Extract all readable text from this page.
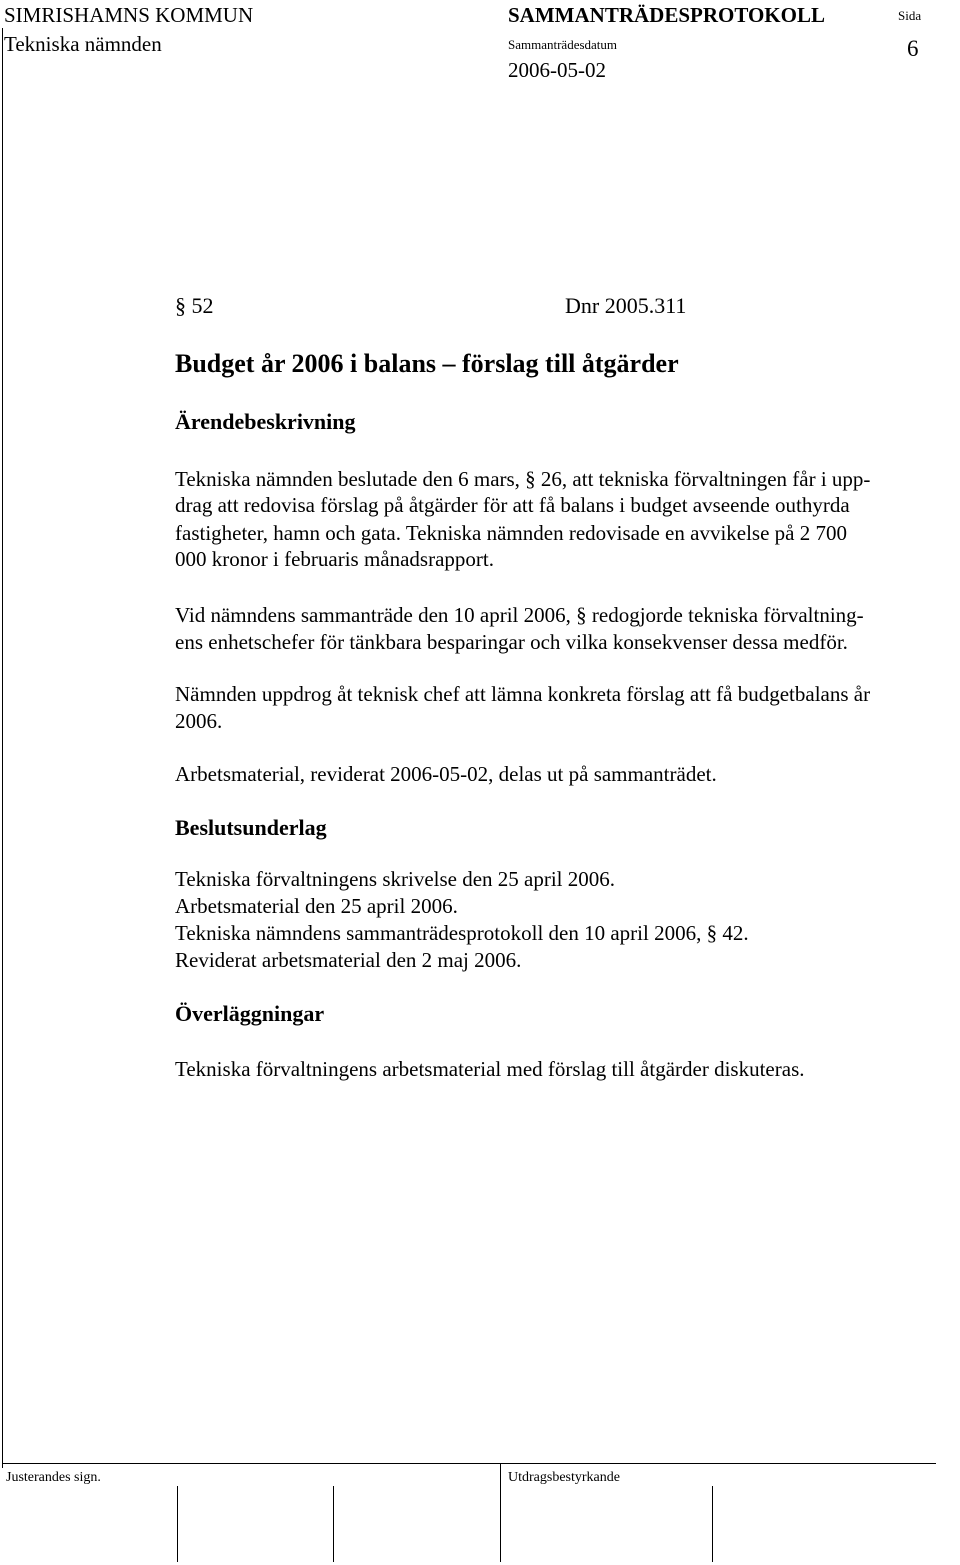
SIMRISHAMNS KOMMUN
Tekniska nämnden
SAMMANTRÄDESPROTOKOLL
Sammanträdesdatum
2006-05-02
Sida
6
§ 52	Dnr 2005.311
Budget år 2006 i balans – förslag till åtgärder
Ärendebeskrivning
Tekniska nämnden beslutade den 6 mars, § 26, att tekniska förvaltningen får i upp-
drag att redovisa förslag på åtgärder för att få balans i budget avseende outhyrda
fastigheter, hamn och gata. Tekniska nämnden redovisade en avvikelse på 2 700
000 kronor i februaris månadsrapport.
Vid nämndens sammanträde den 10 april 2006, § redogjorde tekniska förvaltning-
ens enhetschefer för tänkbara besparingar och vilka konsekvenser dessa medför.
Nämnden uppdrog åt teknisk chef att lämna konkreta förslag att få budgetbalans år
2006.
Arbetsmaterial, reviderat 2006-05-02, delas ut på sammanträdet.
Beslutsunderlag
Tekniska förvaltningens skrivelse den 25 april 2006.
Arbetsmaterial den 25 april 2006.
Tekniska nämndens sammanträdesprotokoll den 10 april 2006, § 42.
Reviderat arbetsmaterial den 2 maj 2006.
Överläggningar
Tekniska förvaltningens arbetsmaterial med förslag till åtgärder diskuteras.
Justerandes sign.	Utdragsbestyrkande
